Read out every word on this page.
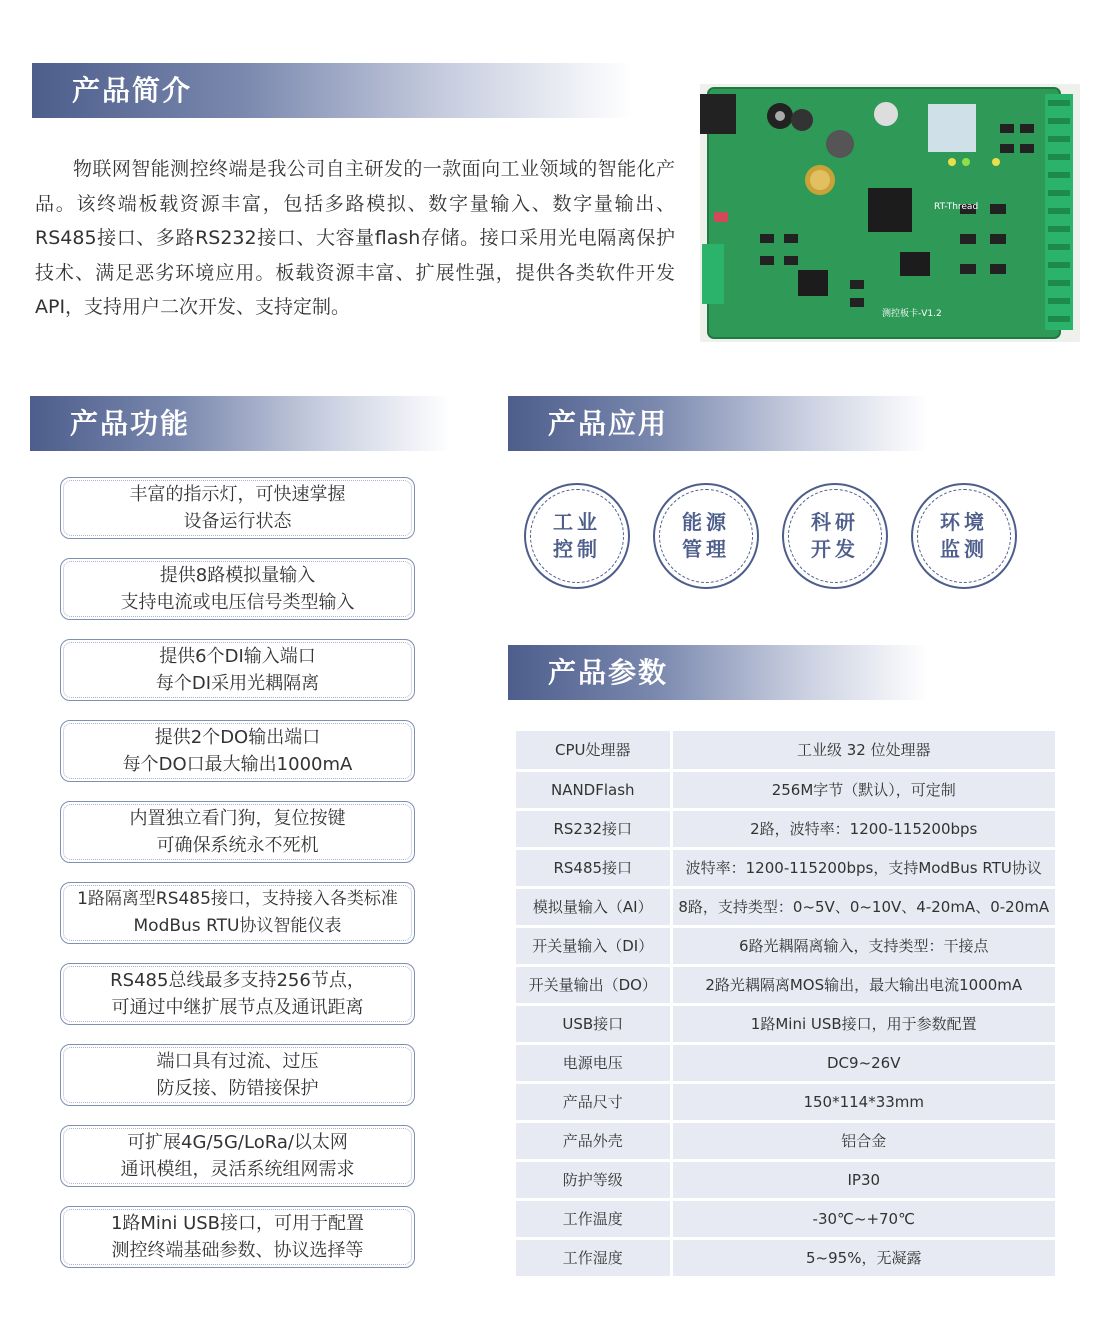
产品简介

物联网智能测控终端是我公司自主研发的一款面向工业领域的智能化产品。该终端板载资源丰富，包括多路模拟、数字量输入、数字量输出、RS485接口、多路RS232接口、大容量flash存储。接口采用光电隔离保护技术、满足恶劣环境应用。板载资源丰富、扩展性强，提供各类软件开发API，支持用户二次开发、支持定制。

RT-Thread
测控板卡-V1.2
产品功能
丰富的指示灯，可快速掌握
设备运行状态
提供8路模拟量输入
支持电流或电压信号类型输入
提供6个DI输入端口
每个DI采用光耦隔离
提供2个DO输出端口
每个DO口最大输出1000mA
内置独立看门狗，复位按键
可确保系统永不死机
1路隔离型RS485接口，支持接入各类标准
ModBus RTU协议智能仪表
RS485总线最多支持256节点，
可通过中继扩展节点及通讯距离
端口具有过流、过压
防反接、防错接保护
可扩展4G/5G/LoRa/以太网
通讯模组，灵活系统组网需求
1路Mini USB接口，可用于配置
测控终端基础参数、协议选择等
产品应用
工业控制
能源管理
科研开发
环境监测
产品参数
CPU处理器	工业级 32 位处理器
NANDFlash	256M字节（默认），可定制
RS232接口	2路，波特率：1200-115200bps
RS485接口	波特率：1200-115200bps，支持ModBus RTU协议
模拟量输入（AI）	8路，支持类型：0~5V、0~10V、4-20mA、0-20mA
开关量输入（DI）	6路光耦隔离输入，支持类型：干接点
开关量输出（DO）	2路光耦隔离MOS输出，最大输出电流1000mA
USB接口	1路Mini USB接口，用于参数配置
电源电压	DC9~26V
产品尺寸	150*114*33mm
产品外壳	铝合金
防护等级	IP30
工作温度	-30℃~+70℃
工作湿度	5~95%，无凝露
